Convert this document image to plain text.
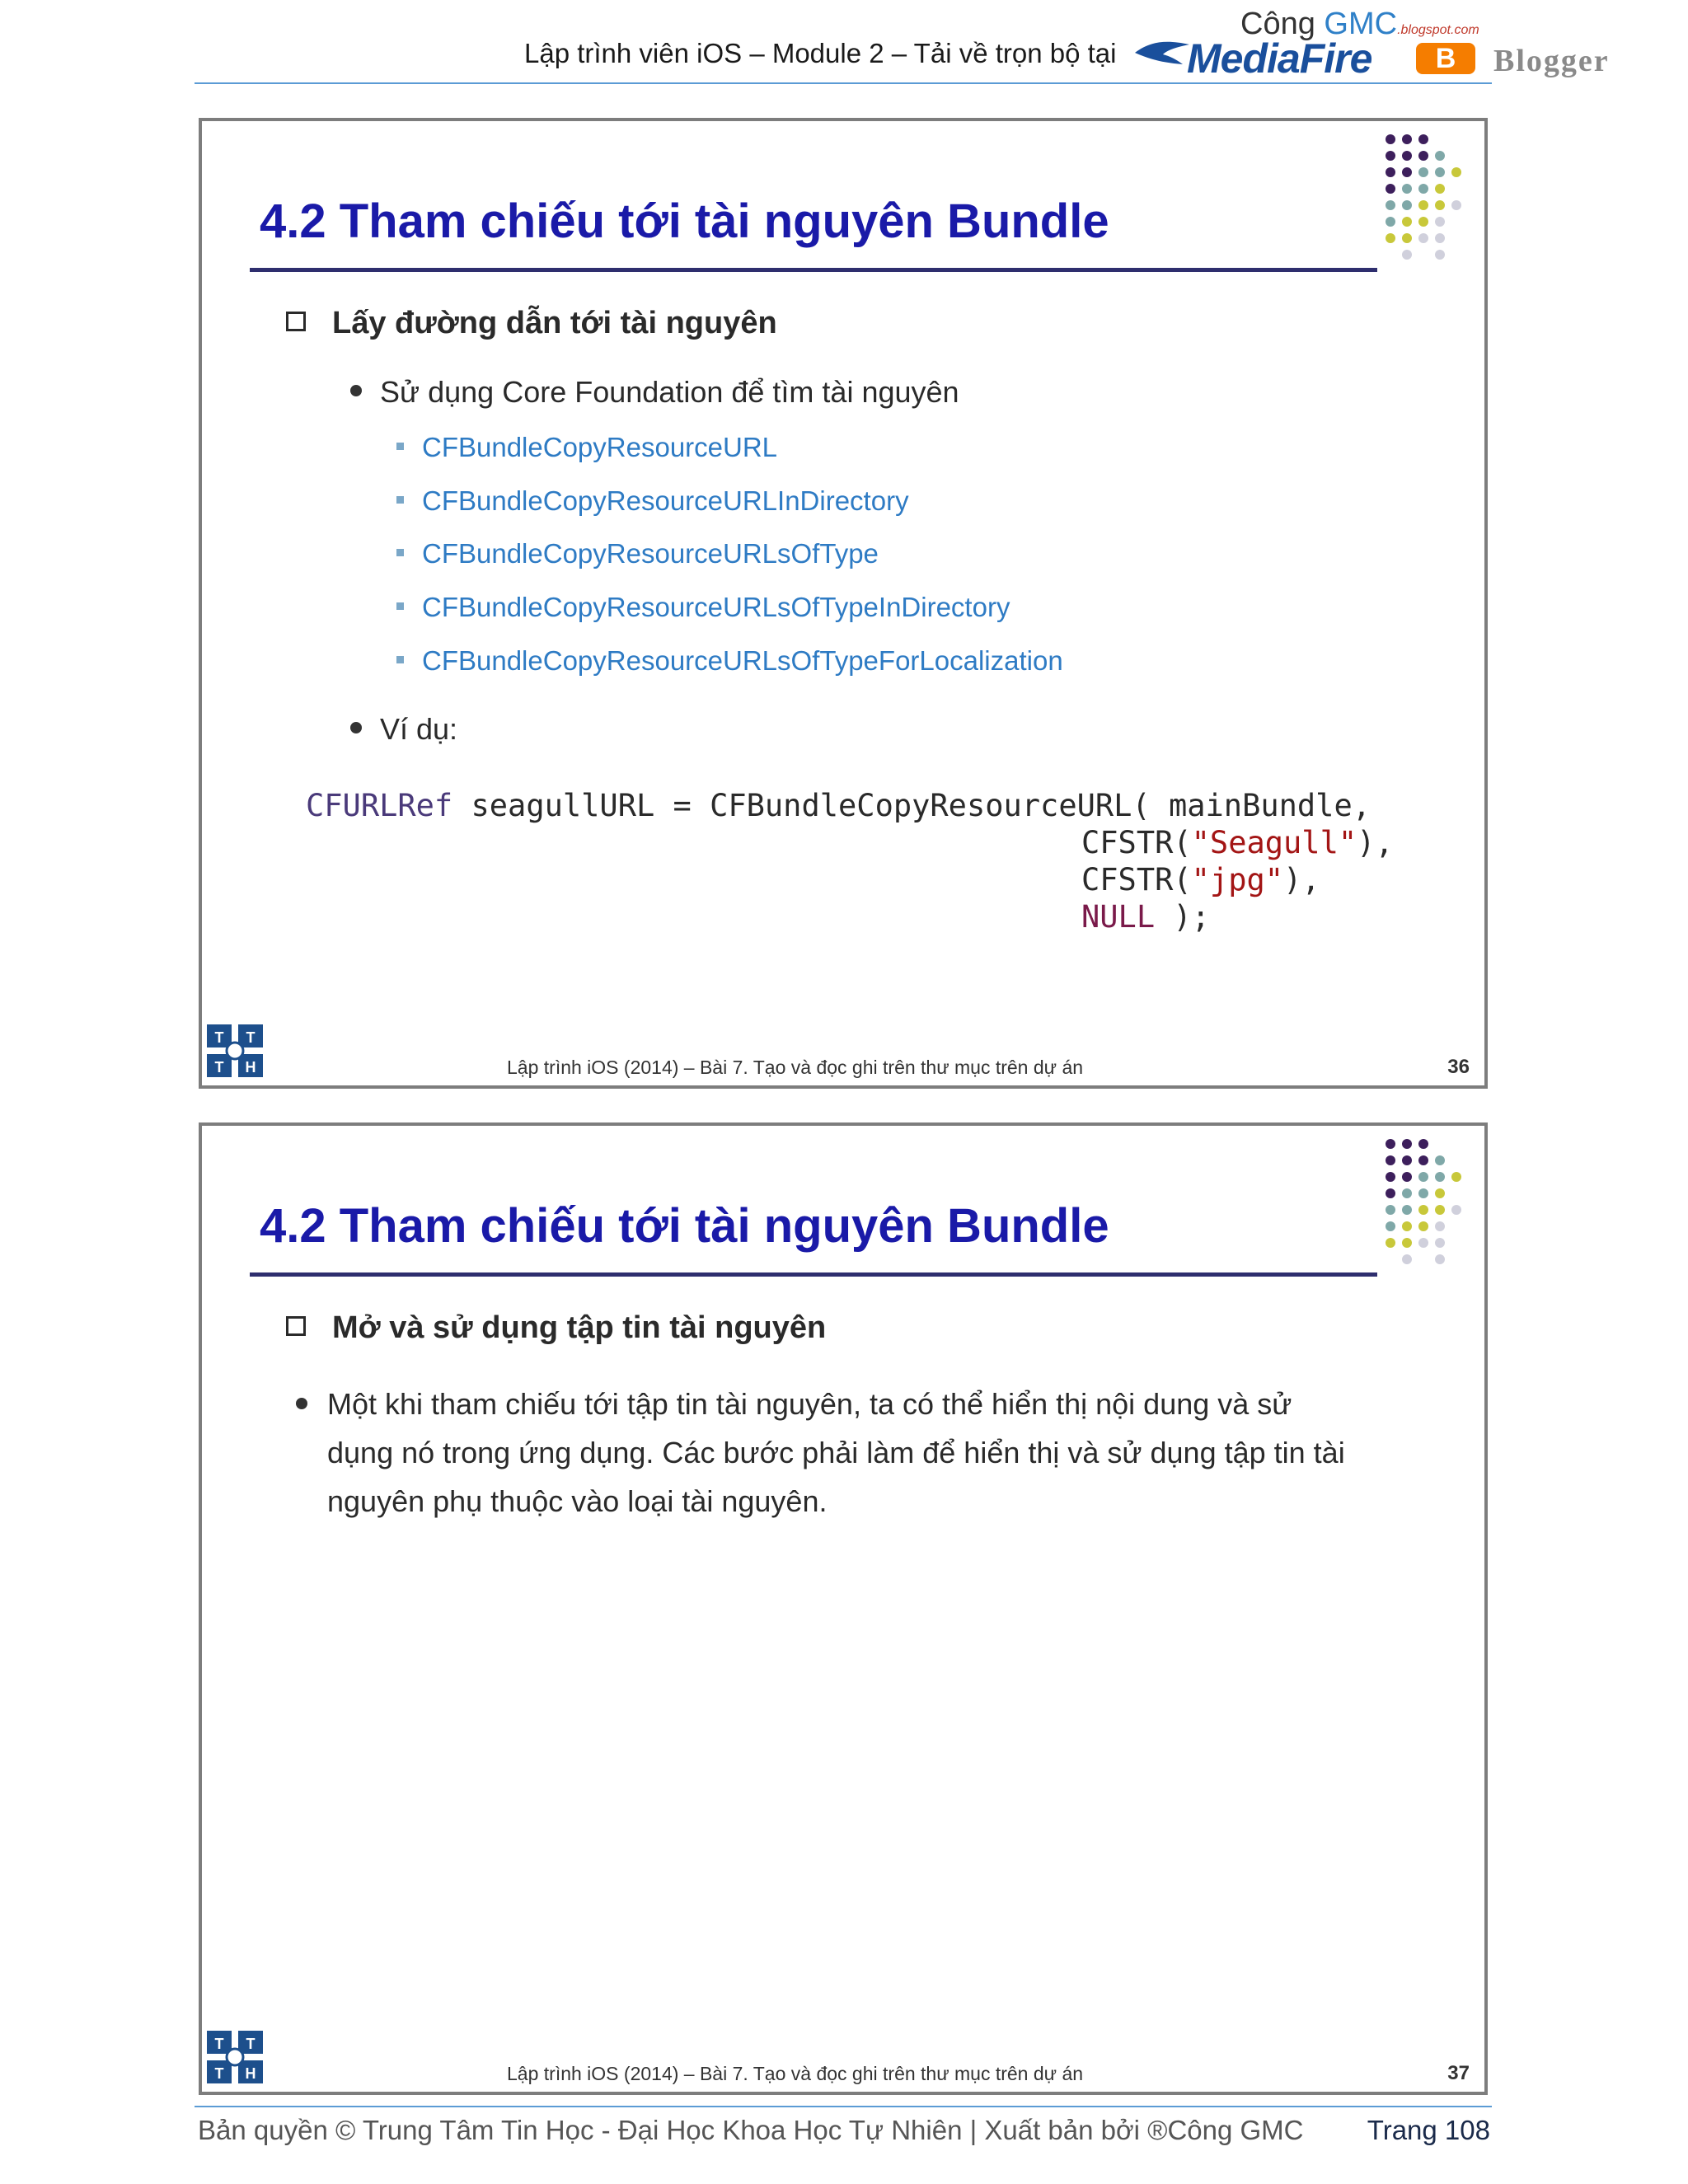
Lập trình viên iOS – Module 2 – Tải về trọn bộ tại
Công GMC.blogspot.com
MediaFire	B	Blogger
4.2 Tham chiếu tới tài nguyên Bundle
Lấy đường dẫn tới tài nguyên
Sử dụng Core Foundation để tìm tài nguyên
CFBundleCopyResourceURL
CFBundleCopyResourceURLInDirectory
CFBundleCopyResourceURLsOfType
CFBundleCopyResourceURLsOfTypeInDirectory
CFBundleCopyResourceURLsOfTypeForLocalization
Ví dụ:
CFURLRef seagullURL = CFBundleCopyResourceURL( mainBundle,
CFSTR("Seagull"),
CFSTR("jpg"),
NULL );
T T
T H	Lập trình iOS (2014) – Bài 7. Tạo và đọc ghi trên thư mục trên dự án	36
4.2 Tham chiếu tới tài nguyên Bundle
Mở và sử dụng tập tin tài nguyên
Một khi tham chiếu tới tập tin tài nguyên, ta có thể hiển thị nội dung và sử dụng nó trong ứng dụng. Các bước phải làm để hiển thị và sử dụng tập tin tài nguyên phụ thuộc vào loại tài nguyên.
T T
T H	Lập trình iOS (2014) – Bài 7. Tạo và đọc ghi trên thư mục trên dự án	37
Bản quyền © Trung Tâm Tin Học - Đại Học Khoa Học Tự Nhiên | Xuất bản bởi ®Công GMC Trang 108
